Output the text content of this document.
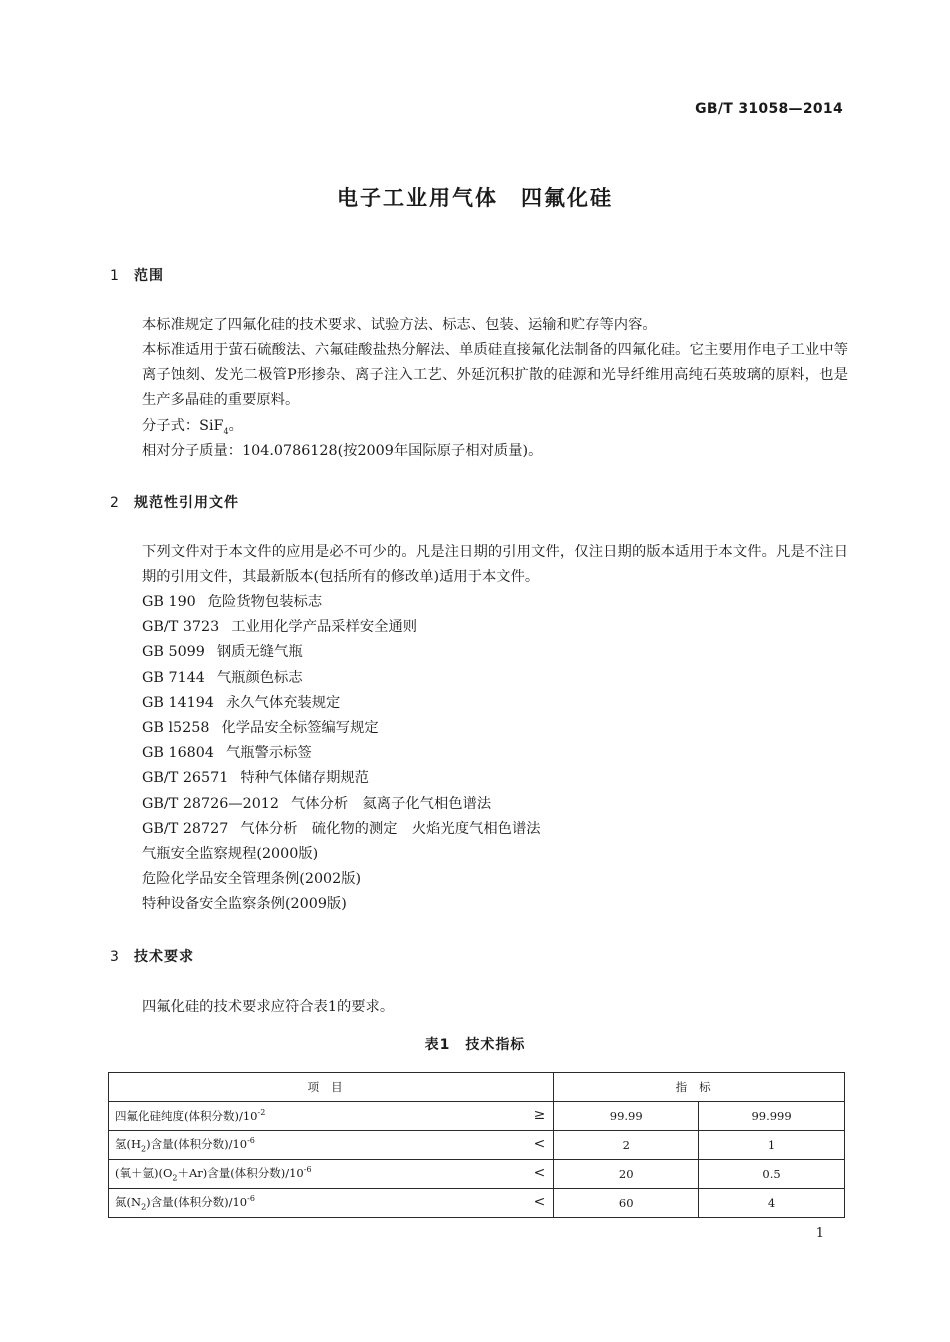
GB/T 31058—2014
电子工业用气体　四氟化硅
1 范围
本标准规定了四氟化硅的技术要求、试验方法、标志、包装、运输和贮存等内容。
本标准适用于萤石硫酸法、六氟硅酸盐热分解法、单质硅直接氟化法制备的四氟化硅。它主要用作电子工业中等离子蚀刻、发光二极管P形掺杂、离子注入工艺、外延沉积扩散的硅源和光导纤维用高纯石英玻璃的原料，也是生产多晶硅的重要原料。
分子式：SiF$_4$。
相对分子质量：104.0786128(按2009年国际原子相对质量)。
2 规范性引用文件
下列文件对于本文件的应用是必不可少的。凡是注日期的引用文件，仅注日期的版本适用于本文件。凡是不注日期的引用文件，其最新版本(包括所有的修改单)适用于本文件。
GB 190 危险货物包装标志
GB/T 3723 工业用化学产品采样安全通则
GB 5099 钢质无缝气瓶
GB 7144 气瓶颜色标志
GB 14194 永久气体充装规定
GB l5258 化学品安全标签编写规定
GB 16804 气瓶警示标签
GB/T 26571 特种气体储存期规范
GB/T 28726—2012 气体分析　氦离子化气相色谱法
GB/T 28727 气体分析　硫化物的测定　火焰光度气相色谱法
气瓶安全监察规程(2000版)
危险化学品安全管理条例(2002版)
特种设备安全监察条例(2009版)
3 技术要求
四氟化硅的技术要求应符合表1的要求。
表1　技术指标
项目	指标	
四氟化硅纯度(体积分数)$/10^{-2}$ ≥	99.99	99.999
氢$(H_2)$含量(体积分数)$/10^{-6}$ <	2	1
(氧＋氩)$(O_2+Ar)$含量(体积分数)$/10^{-6}$ <	20	0.5
氮$(N_2)$含量(体积分数)$/10^{-6}$ <	60	4
1
